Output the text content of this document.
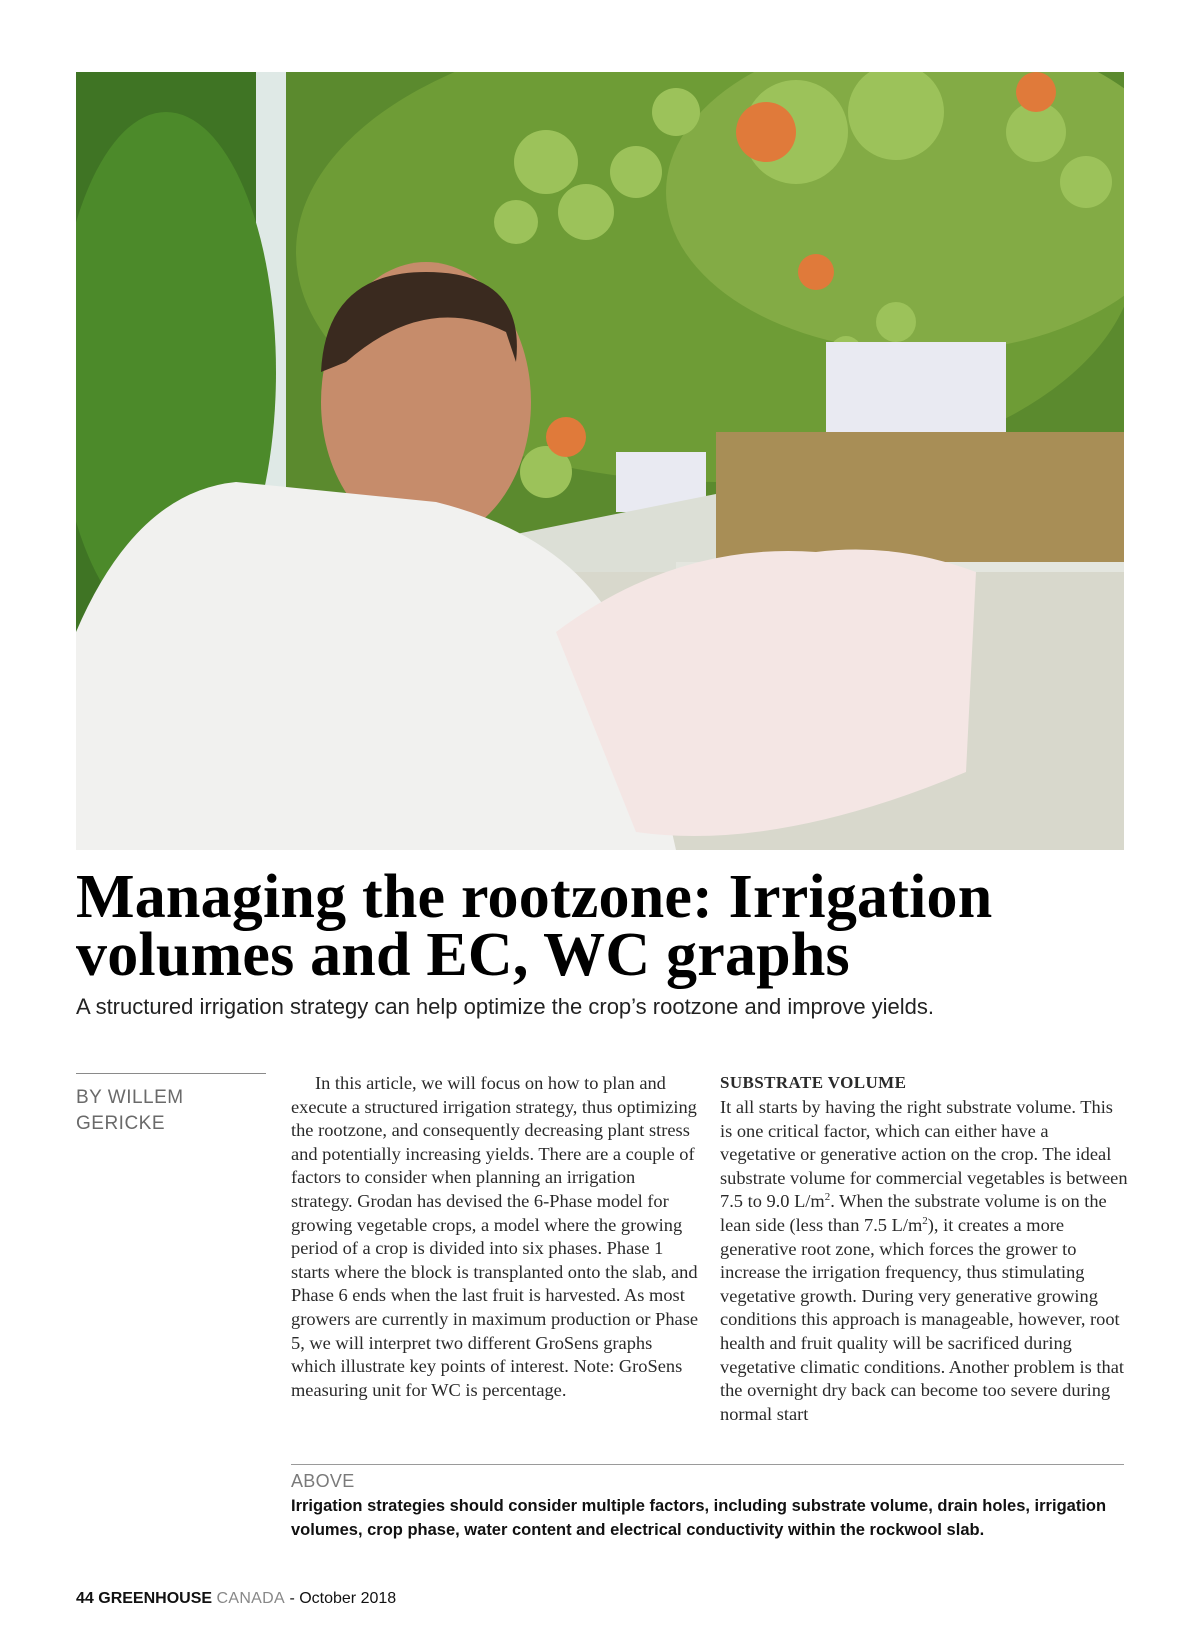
Managing the rootzone: Irrigation volumes and EC, WC graphs

A structured irrigation strategy can help optimize the crop’s rootzone and improve yields.

BY WILLEM GERICKE

In this article, we will focus on how to plan and execute a structured irrigation strategy, thus optimizing the rootzone, and consequently decreasing plant stress and potentially increasing yields. There are a couple of factors to consider when planning an irrigation strategy. Grodan has devised the 6-Phase model for growing vegetable crops, a model where the growing period of a crop is divided into six phases. Phase 1 starts where the block is transplanted onto the slab, and Phase 6 ends when the last fruit is harvested. As most growers are currently in maximum production or Phase 5, we will interpret two different GroSens graphs which illustrate key points of interest. Note: GroSens measuring unit for WC is percentage.

SUBSTRATE VOLUME

It all starts by having the right substrate volume. This is one critical factor, which can either have a vegetative or generative action on the crop. The ideal substrate volume for commercial vegetables is between 7.5 to 9.0 $L/m^2$. When the substrate volume is on the lean side (less than 7.5 $L/m^2$), it creates a more generative root zone, which forces the grower to increase the irrigation frequency, thus stimulating vegetative growth. During very generative growing conditions this approach is manageable, however, root health and fruit quality will be sacrificed during vegetative climatic conditions. Another problem is that the overnight dry back can become too severe during normal start

ABOVE

Irrigation strategies should consider multiple factors, including substrate volume, drain holes, irrigation volumes, crop phase, water content and electrical conductivity within the rockwool slab.

44 GREENHOUSE CANADA - October 2018
